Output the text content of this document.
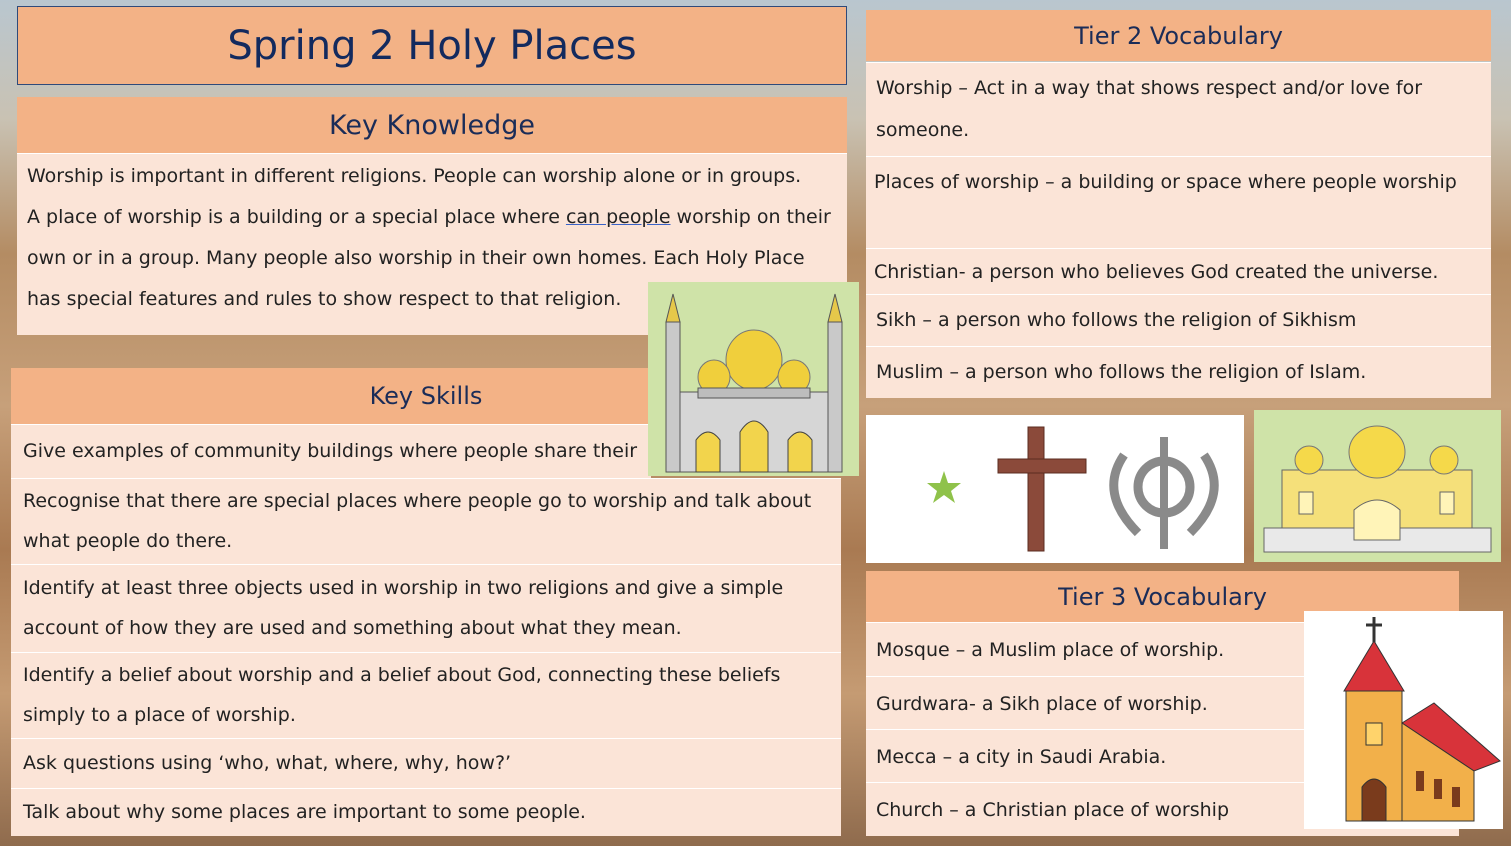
Spring 2 Holy Places
Key Knowledge
Worship is important in different religions. People can worship alone or in groups.
A place of worship is a building or a special place where can people worship on their own or in a group. Many people also worship in their own homes. Each Holy Place has special features and rules to show respect to that religion.
Key Skills
Give examples of community buildings where people share their
Recognise that there are special places where people go to worship and talk about what people do there.
Identify at least three objects used in worship in two religions and give a simple account of how they are used and something about what they mean.
Identify a belief about worship and a belief about God, connecting these beliefs simply to a place of worship.
Ask questions using ‘who, what, where, why, how?’
Talk about why some places are important to some people.
Tier 2 Vocabulary
Worship – Act in a way that shows respect and/or love for someone.
Places of worship – a building or space where people worship
Christian- a person who believes God created the universe.
Sikh – a person who follows the religion of Sikhism
Muslim – a person who follows the religion of Islam.
Tier 3 Vocabulary
Mosque – a Muslim place of worship.
Gurdwara- a Sikh place of worship.
Mecca – a city in Saudi Arabia.
Church – a Christian place of worship
